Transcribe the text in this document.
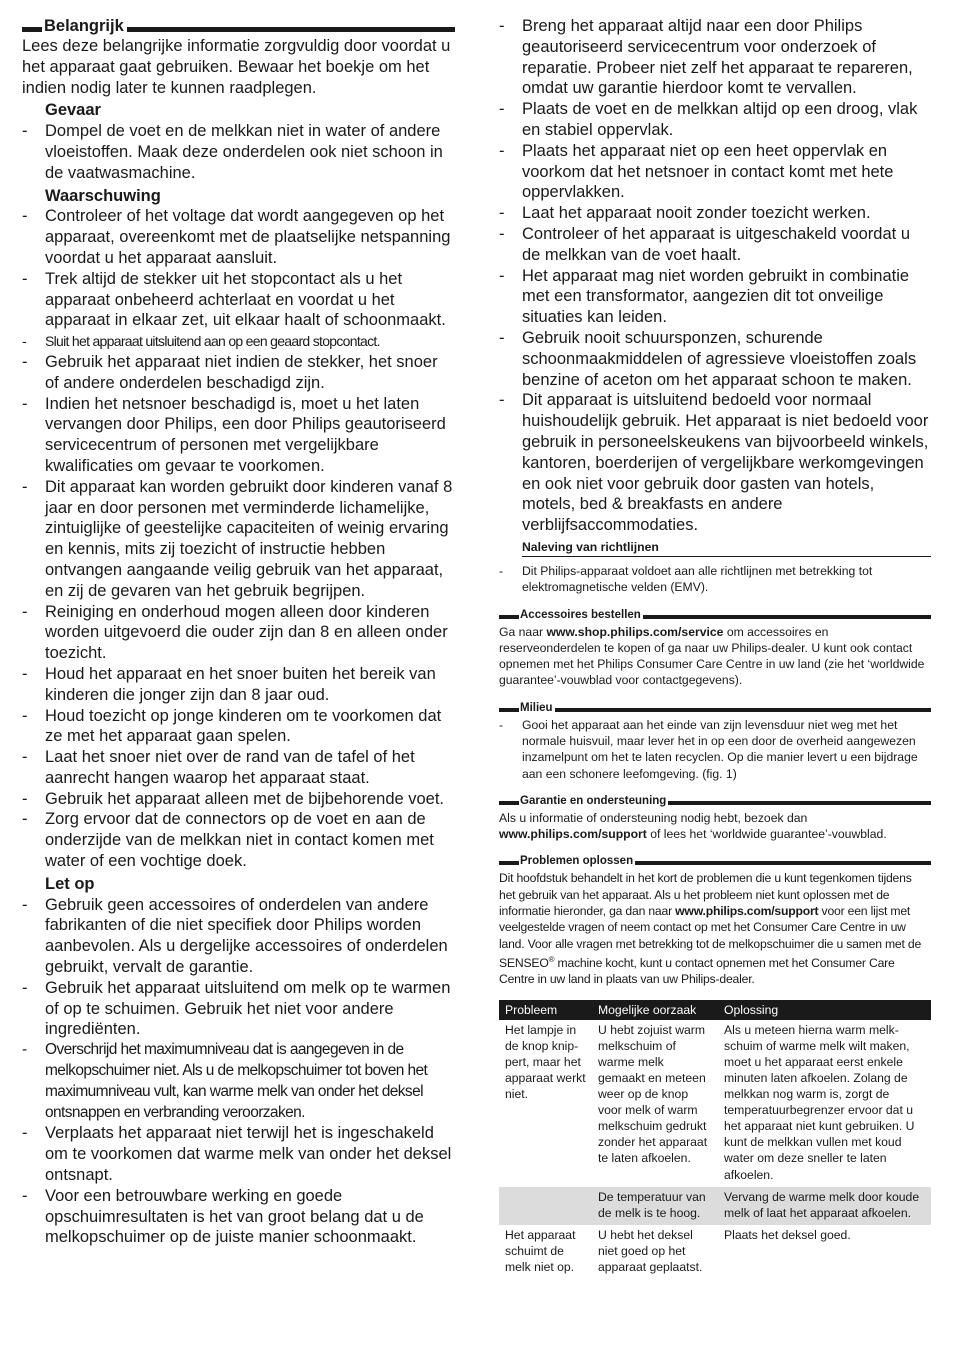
Belangrijk

Lees deze belangrijke informatie zorgvuldig door voordat u het apparaat gaat gebruiken. Bewaar het boekje om het indien nodig later te kunnen raadplegen.

Gevaar
- Dompel de voet en de melkkan niet in water of andere vloeistoffen. Maak deze onderdelen ook niet schoon in de vaatwasmachine.
Waarschuwing
- Controleer of het voltage dat wordt aangegeven op het apparaat, overeenkomt met de plaatselijke netspanning voordat u het apparaat aansluit.
- Trek altijd de stekker uit het stopcontact als u het apparaat onbeheerd achterlaat en voordat u het apparaat in elkaar zet, uit elkaar haalt of schoonmaakt.
- Sluit het apparaat uitsluitend aan op een geaard stopcontact.
- Gebruik het apparaat niet indien de stekker, het snoer of andere onderdelen beschadigd zijn.
- Indien het netsnoer beschadigd is, moet u het laten vervangen door Philips, een door Philips geautoriseerd servicecentrum of personen met vergelijkbare kwalificaties om gevaar te voorkomen.
- Dit apparaat kan worden gebruikt door kinderen vanaf 8 jaar en door personen met verminderde lichamelijke, zintuiglijke of geestelijke capaciteiten of weinig ervaring en kennis, mits zij toezicht of instructie hebben ontvangen aangaande veilig gebruik van het apparaat, en zij de gevaren van het gebruik begrijpen.
- Reiniging en onderhoud mogen alleen door kinderen worden uitgevoerd die ouder zijn dan 8 en alleen onder toezicht.
- Houd het apparaat en het snoer buiten het bereik van kinderen die jonger zijn dan 8 jaar oud.
- Houd toezicht op jonge kinderen om te voorkomen dat ze met het apparaat gaan spelen.
- Laat het snoer niet over de rand van de tafel of het aanrecht hangen waarop het apparaat staat.
- Gebruik het apparaat alleen met de bijbehorende voet.
- Zorg ervoor dat de connectors op de voet en aan de onderzijde van de melkkan niet in contact komen met water of een vochtige doek.
Let op
- Gebruik geen accessoires of onderdelen van andere fabrikanten of die niet specifiek door Philips worden aanbevolen. Als u dergelijke accessoires of onderdelen gebruikt, vervalt de garantie.
- Gebruik het apparaat uitsluitend om melk op te warmen of op te schuimen. Gebruik het niet voor andere ingrediënten.
- Overschrijd het maximumniveau dat is aangegeven in de melkopschuimer niet. Als u de melkopschuimer tot boven het maximumniveau vult, kan warme melk van onder het deksel ontsnappen en verbranding veroorzaken.
- Verplaats het apparaat niet terwijl het is ingeschakeld om te voorkomen dat warme melk van onder het deksel ontsnapt.
- Voor een betrouwbare werking en goede opschuimresultaten is het van groot belang dat u de melkopschuimer op de juiste manier schoonmaakt.
- Breng het apparaat altijd naar een door Philips geautoriseerd servicecentrum voor onderzoek of reparatie. Probeer niet zelf het apparaat te repareren, omdat uw garantie hierdoor komt te vervallen.
- Plaats de voet en de melkkan altijd op een droog, vlak en stabiel oppervlak.
- Plaats het apparaat niet op een heet oppervlak en voorkom dat het netsnoer in contact komt met hete oppervlakken.
- Laat het apparaat nooit zonder toezicht werken.
- Controleer of het apparaat is uitgeschakeld voordat u de melkkan van de voet haalt.
- Het apparaat mag niet worden gebruikt in combinatie met een transformator, aangezien dit tot onveilige situaties kan leiden.
- Gebruik nooit schuursponzen, schurende schoonmaakmiddelen of agressieve vloeistoffen zoals benzine of aceton om het apparaat schoon te maken.
- Dit apparaat is uitsluitend bedoeld voor normaal huishoudelijk gebruik. Het apparaat is niet bedoeld voor gebruik in personeelskeukens van bijvoorbeeld winkels, kantoren, boerderijen of vergelijkbare werkomgevingen en ook niet voor gebruik door gasten van hotels, motels, bed & breakfasts en andere verblijfsaccommodaties.
Naleving van richtlijnen
- Dit Philips-apparaat voldoet aan alle richtlijnen met betrekking tot elektromagnetische velden (EMV).
Accessoires bestellen

Ga naar www.shop.philips.com/service om accessoires en reserveonderdelen te kopen of ga naar uw Philips-dealer. U kunt ook contact opnemen met het Philips Consumer Care Centre in uw land (zie het ‘worldwide guarantee’-vouwblad voor contactgegevens).

Milieu
- Gooi het apparaat aan het einde van zijn levensduur niet weg met het normale huisvuil, maar lever het in op een door de overheid aangewezen inzamelpunt om het te laten recyclen. Op die manier levert u een bijdrage aan een schonere leefomgeving. (fig. 1)
Garantie en ondersteuning

Als u informatie of ondersteuning nodig hebt, bezoek dan www.philips.com/support of lees het ‘worldwide guarantee’-vouwblad.

Problemen oplossen

Dit hoofdstuk behandelt in het kort de problemen die u kunt tegenkomen tijdens het gebruik van het apparaat. Als u het probleem niet kunt oplossen met de informatie hieronder, ga dan naar www.philips.com/support voor een lijst met veelgestelde vragen of neem contact op met het Consumer Care Centre in uw land. Voor alle vragen met betrekking tot de melkopschuimer die u samen met de SENSEO® machine kocht, kunt u contact opnemen met het Consumer Care Centre in uw land in plaats van uw Philips-dealer.

Probleem	Mogelijke oorzaak	Oplossing
Het lampje in de knop knip-pert, maar het apparaat werkt niet.	U hebt zojuist warm melkschuim of warme melk gemaakt en meteen weer op de knop voor melk of warm melkschuim gedrukt zonder het apparaat te laten afkoelen.	Als u meteen hierna warm melk-schuim of warme melk wilt maken, moet u het apparaat eerst enkele minuten laten afkoelen. Zolang de melkkan nog warm is, zorgt de temperatuurbegrenzer ervoor dat u het apparaat niet kunt gebruiken. U kunt de melkkan vullen met koud water om deze sneller te laten afkoelen.
	De temperatuur van de melk is te hoog.	Vervang de warme melk door koude melk of laat het apparaat afkoelen.
Het apparaat schuimt de melk niet op.	U hebt het deksel niet goed op het apparaat geplaatst.	Plaats het deksel goed.
